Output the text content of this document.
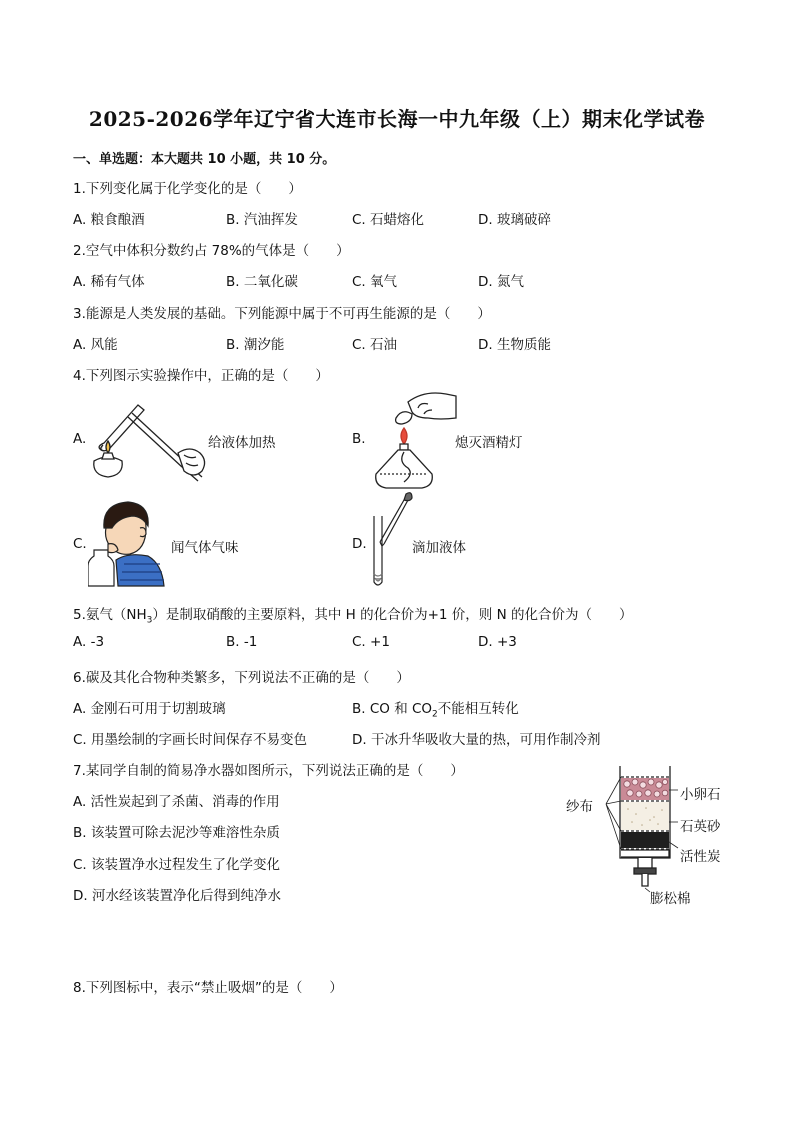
2025-2026学年辽宁省大连市长海一中九年级（上）期末化学试卷
一、单选题：本大题共 10 小题，共 10 分。
1.下列变化属于化学变化的是（　　）
A. 粮食酿酒	B. 汽油挥发	C. 石蜡熔化	D. 玻璃破碎
2.空气中体积分数约占 78%的气体是（　　）
A. 稀有气体	B. 二氧化碳	C. 氧气	D. 氮气
3.能源是人类发展的基础。下列能源中属于不可再生能源的是（　　）
A. 风能	B. 潮汐能	C. 石油	D. 生物质能
4.下列图示实验操作中，正确的是（　　）
A.	给液体加热	B.	熄灭酒精灯
C.	闻气体气味	D.	滴加液体
5.氨气$(NH_3)$是制取硝酸的主要原料，其中 H 的化合价为+1 价，则 N 的化合价为（　　）
A. -3	B. -1	C. +1	D. +3
6.碳及其化合物种类繁多，下列说法不正确的是（　　）
A. 金刚石可用于切割玻璃	B. CO 和 $CO_2$不能相互转化
C. 用墨绘制的字画长时间保存不易变色	D. 干冰升华吸收大量的热，可用作制冷剂
7.某同学自制的简易净水器如图所示，下列说法正确的是（　　）
A. 活性炭起到了杀菌、消毒的作用
B. 该装置可除去泥沙等难溶性杂质
C. 该装置净水过程发生了化学变化
D. 河水经该装置净化后得到纯净水
纱布
小卵石
石英砂
活性炭
膨松棉
8.下列图标中，表示“禁止吸烟”的是（　　）
